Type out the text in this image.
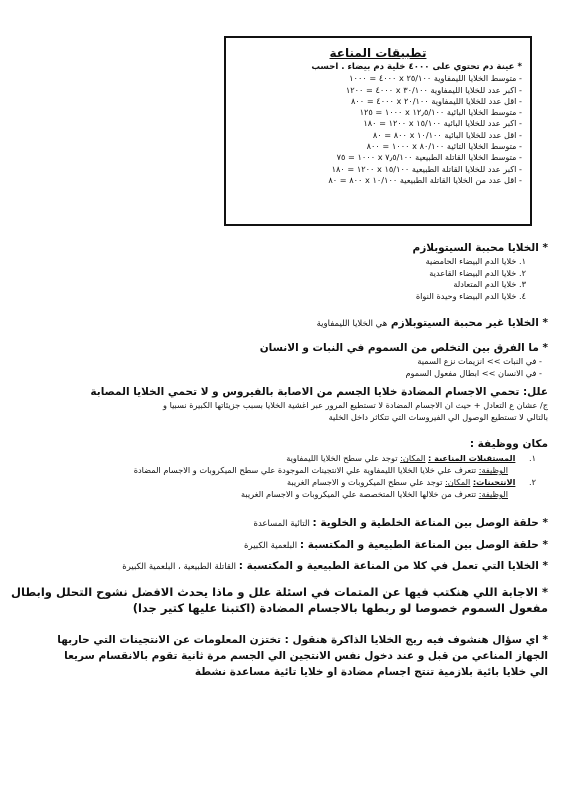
تطبيقات المناعة
* عينة دم تحتوي على ٤٠٠٠ خلية دم بيضاء . احسب
- متوسط الخلايا الليمفاوية ٢٥/١٠٠ x ٤٠٠٠ = ١٠٠٠
- اكبر عدد للخلايا الليمفاوية ٣٠/١٠٠ x ٤٠٠٠ = ١٢٠٠
- اقل عدد للخلايا الليمفاوية ٢٠/١٠٠ x ٤٠٠٠ = ٨٠٠
- متوسط الخلايا البائية ١٢٫٥/١٠٠ x ١٠٠٠ = ١٢٥
- اكبر عدد للخلايا البائية ١٥/١٠٠ x ١٢٠٠ = ١٨٠
- اقل عدد للخلايا البائية ١٠/١٠٠ x ٨٠٠ = ٨٠
- متوسط الخلايا التائية ٨٠/١٠٠ x ١٠٠٠ = ٨٠٠
- متوسط الخلايا القاتلة الطبيعية ٧٫٥/١٠٠ x ١٠٠٠ = ٧٥
- اكبر عدد للخلايا القاتلة الطبيعية ١٥/١٠٠ x ١٢٠٠ = ١٨٠
- اقل عدد من الخلايا القاتلة الطبيعية ١٠/١٠٠ x ٨٠٠ = ٨٠
* الخلايا محببة السيتوبلازم
١. خلايا الدم البيضاء الحامضية
٢. خلايا الدم البيضاء القاعدية
٣. خلايا الدم المتعادلة
٤. خلايا الدم البيضاء وحيدة النواة
* الخلايا غير محببة السيتوبلازم هي الخلايا الليمفاوية
* ما الفرق بين التخلص من السموم في النبات و الانسان
- في النبات >> انزيمات نزع السمية
- في الانسان >> ابطال مفعول السموم
علل: تحمي الاجسام المضادة خلايا الجسم من الاصابة بالفيروس و لا تحمي الخلايا المصابة
ج/ عشان ع التعادل + حيث ان الاجسام المضادة لا تستطيع المرور عبر اغشية الخلايا بسبب جزيئاتها الكبيرة نسبيا و
بالتالي لا تستطيع الوصول الي الفيروسات التي تتكاثر داخل الخلية
مكان ووظيفة :
١. المستقبلات المناعية : المكان: توجد علي سطح الخلايا الليمفاوية
الوظيفة: تتعرف علي خلايا الخلايا الليمفاوية علي الانتجينات الموجودة علي سطح الميكروبات و الاجسام المضادة
٢. الانتجينات: المكان: توجد علي سطح الميكروبات و الاجسام الغريبة
الوظيفة: تتعرف من خلالها الخلايا المتخصصة علي الميكروبات و الاجسام الغريبة
* حلقة الوصل بين المناعة الخلطية و الخلوية : التائية المساعدة
* حلقة الوصل بين المناعة الطبيعية و المكتسبة : البلعمية الكبيرة
* الخلايا التي تعمل في كلا من المناعة الطبيعية و المكتسبة : القاتلة الطبيعية ، البلعمية الكبيرة
* الاجابة اللي هنكتب فيها عن المتمات في اسئلة علل و ماذا يحدث الافضل نشوح التحلل وابطال
مفعول السموم خصوصا لو ربطها بالاجسام المضادة (اكتبنا عليها كتير جدا)
* اي سؤال هنشوف فيه ريج الخلايا الذاكرة هنقول : تختزن المعلومات عن الانتجينات التي حاربها
الجهاز المناعي من قبل و عند دخول نفس الانتجين الي الجسم مرة ثانية تقوم بالانقسام سريعا
الي خلايا بائية بلازمية تنتج اجسام مضادة او خلايا تائية مساعدة نشطة
